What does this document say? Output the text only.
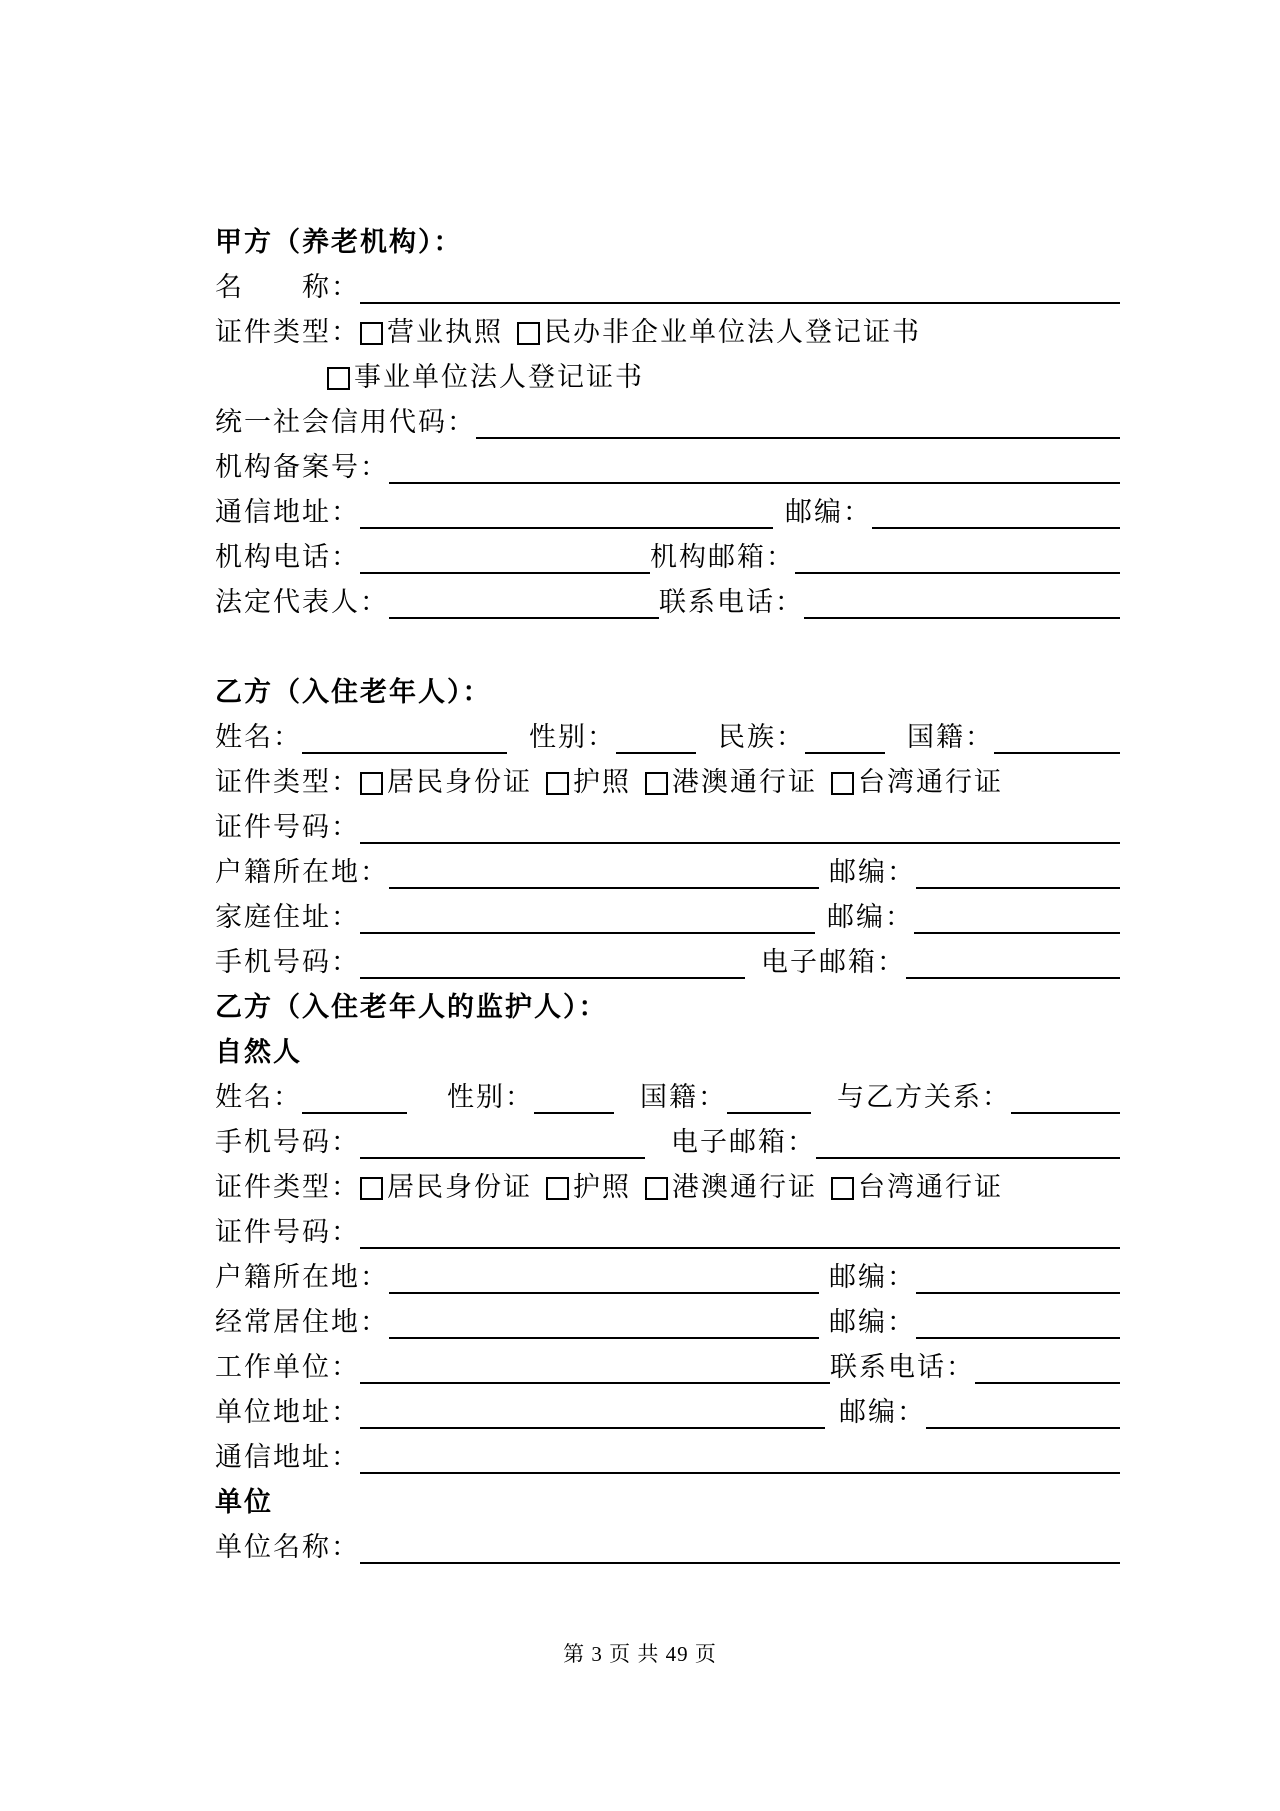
甲方（养老机构）：
名　　称：
证件类型： 营业执照 民办非企业单位法人登记证书
事业单位法人登记证书
统一社会信用代码：
机构备案号：
通信地址：	邮编：
机构电话：	机构邮箱：
法定代表人：	联系电话：
乙方（入住老年人）：
姓名：	性别：	民族：	国籍：
证件类型： 居民身份证 护照 港澳通行证 台湾通行证
证件号码：
户籍所在地：	邮编：
家庭住址：	邮编：
手机号码：	电子邮箱：
乙方（入住老年人的监护人）：
自然人
姓名：	性别：	国籍：	与乙方关系：
手机号码：	电子邮箱：
证件类型： 居民身份证 护照 港澳通行证 台湾通行证
证件号码：
户籍所在地：	邮编：
经常居住地：	邮编：
工作单位：	联系电话：
单位地址：	邮编：
通信地址：
单位
单位名称：
第 3 页 共 49 页
